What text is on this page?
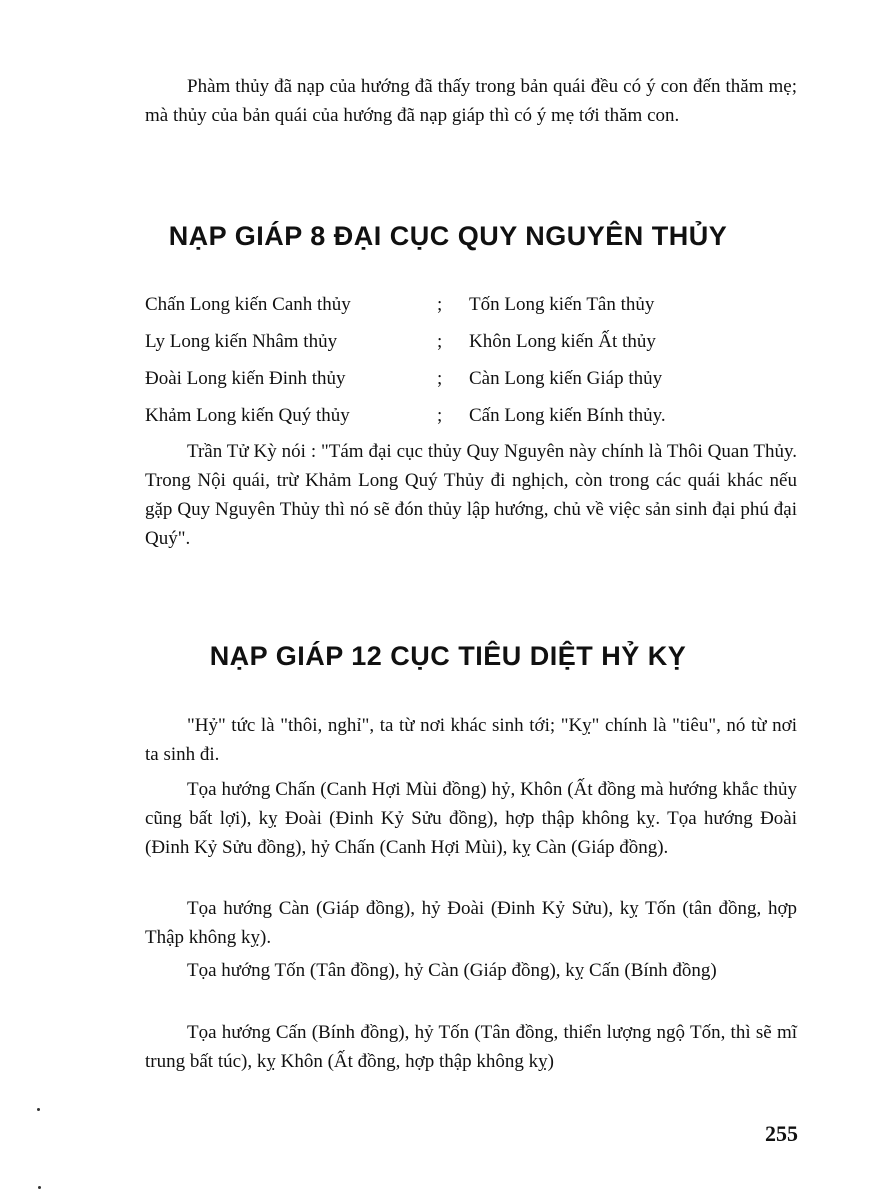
Phàm thủy đã nạp của hướng đã thấy trong bản quái đều có ý con đến thăm mẹ; mà thủy của bản quái của hướng đã nạp giáp thì có ý mẹ tới thăm con.

NẠP GIÁP 8 ĐẠI CỤC QUY NGUYÊN THỦY
Chấn Long kiến Canh thủy	;	Tốn Long kiến Tân thủy
Ly Long kiến Nhâm thủy	;	Khôn Long kiến Ất thủy
Đoài Long kiến Đinh thủy	;	Càn Long kiến Giáp thủy
Khảm Long kiến Quý thủy	;	Cấn Long kiến Bính thủy.

Trần Tử Kỳ nói : "Tám đại cục thủy Quy Nguyên này chính là Thôi Quan Thủy. Trong Nội quái, trừ Khảm Long Quý Thủy đi nghịch, còn trong các quái khác nếu gặp Quy Nguyên Thủy thì nó sẽ đón thủy lập hướng, chủ về việc sản sinh đại phú đại Quý".

NẠP GIÁP 12 CỤC TIÊU DIỆT HỶ KỴ

"Hỷ" tức là "thôi, nghỉ", ta từ nơi khác sinh tới; "Kỵ" chính là "tiêu", nó từ nơi ta sinh đi.

Tọa hướng Chấn (Canh Hợi Mùi đồng) hỷ, Khôn (Ất đồng mà hướng khắc thủy cũng bất lợi), kỵ Đoài (Đinh Kỷ Sửu đồng), hợp thập không kỵ. Tọa hướng Đoài (Đinh Kỷ Sửu đồng), hỷ Chấn (Canh Hợi Mùi), kỵ Càn (Giáp đồng).

Tọa hướng Càn (Giáp đồng), hỷ Đoài (Đinh Kỷ Sửu), kỵ Tốn (tân đồng, hợp Thập không kỵ).

Tọa hướng Tốn (Tân đồng), hỷ Càn (Giáp đồng), kỵ Cấn (Bính đồng)

Tọa hướng Cấn (Bính đồng), hỷ Tốn (Tân đồng, thiển lượng ngộ Tốn, thì sẽ mĩ trung bất túc), kỵ Khôn (Ất đồng, hợp thập không kỵ)

255
